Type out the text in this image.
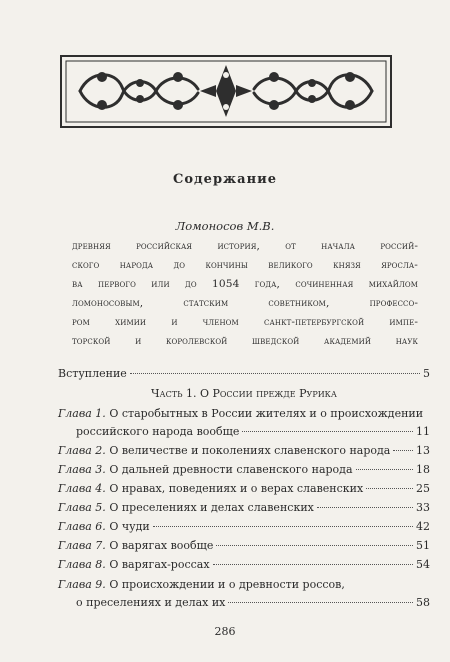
Содержание
Ломоносов М.В.
древняя российская история, от начала россий-
ского народа до кончины великого князя яросла-
ва первого или до 1054 года, сочиненная михайлом
ломоносовым, статским советником, профессо-
ром химии и членом санкт-петербургской импе-
торской и королевской шведской академий наук
Вступление	5
Часть 1. О России прежде Рурика
Глава 1. О старобытных в России жителях и о происхождении
российского народа вообще	11
Глава 2. О величестве и поколениях славенского народа 13
Глава 3. О дальней древности славенского народа	18
Глава 4. О нравах, поведениях и о верах славенских	25
Глава 5. О преселениях и делах славенских	33
Глава 6. О чуди	42
Глава 7. О варягах вообще	51
Глава 8. О варягах-россах	54
Глава 9. О происхождении и о древности россов,
о преселениях и делах их	58
286
